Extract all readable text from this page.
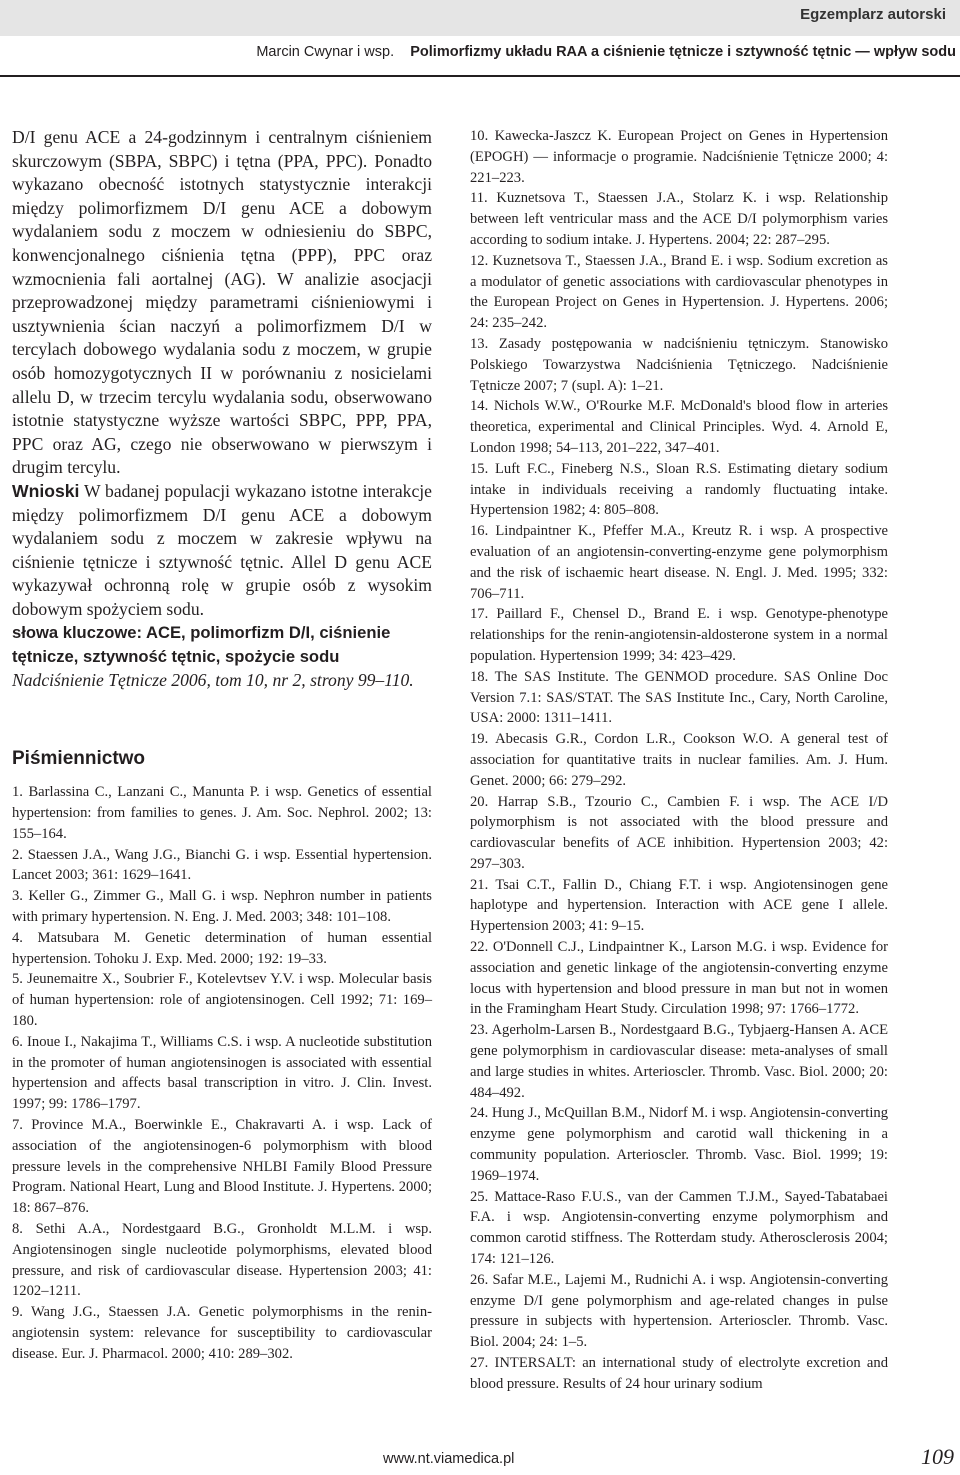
Egzemplarz autorski
Marcin Cwynar i wsp. Polimorfizmy układu RAA a ciśnienie tętnicze i sztywność tętnic — wpływ sodu

D/I genu ACE a 24-godzinnym i centralnym ciśnieniem skurczowym (SBPA, SBPC) i tętna (PPA, PPC). Ponadto wykazano obecność istotnych statystycznie interakcji między polimorfizmem D/I genu ACE a dobowym wydalaniem sodu z moczem w odniesieniu do SBPC, konwencjonalnego ciśnienia tętna (PPP), PPC oraz wzmocnienia fali aortalnej (AG). W analizie asocjacji przeprowadzonej między parametrami ciśnieniowymi i usztywnienia ścian naczyń a polimorfizmem D/I w tercylach dobowego wydalania sodu z moczem, w grupie osób homozygotycznych II w porównaniu z nosicielami allelu D, w trzecim tercylu wydalania sodu, obserwowano istotnie statystyczne wyższe wartości SBPC, PPP, PPA, PPC oraz AG, czego nie obserwowano w pierwszym i drugim tercylu.

Wnioski W badanej populacji wykazano istotne interakcje między polimorfizmem D/I genu ACE a dobowym wydalaniem sodu z moczem w zakresie wpływu na ciśnienie tętnicze i sztywność tętnic. Allel D genu ACE wykazywał ochronną rolę w grupie osób z wysokim dobowym spożyciem sodu.

słowa kluczowe: ACE, polimorfizm D/I, ciśnienie tętnicze, sztywność tętnic, spożycie sodu

Nadciśnienie Tętnicze 2006, tom 10, nr 2, strony 99–110.

Piśmiennictwo

1. Barlassina C., Lanzani C., Manunta P. i wsp. Genetics of essential hypertension: from families to genes. J. Am. Soc. Nephrol. 2002; 13: 155–164.

2. Staessen J.A., Wang J.G., Bianchi G. i wsp. Essential hypertension. Lancet 2003; 361: 1629–1641.

3. Keller G., Zimmer G., Mall G. i wsp. Nephron number in patients with primary hypertension. N. Eng. J. Med. 2003; 348: 101–108.

4. Matsubara M. Genetic determination of human essential hypertension. Tohoku J. Exp. Med. 2000; 192: 19–33.

5. Jeunemaitre X., Soubrier F., Kotelevtsev Y.V. i wsp. Molecular basis of human hypertension: role of angiotensinogen. Cell 1992; 71: 169–180.

6. Inoue I., Nakajima T., Williams C.S. i wsp. A nucleotide substitution in the promoter of human angiotensinogen is associated with essential hypertension and affects basal transcription in vitro. J. Clin. Invest. 1997; 99: 1786–1797.

7. Province M.A., Boerwinkle E., Chakravarti A. i wsp. Lack of association of the angiotensinogen-6 polymorphism with blood pressure levels in the comprehensive NHLBI Family Blood Pressure Program. National Heart, Lung and Blood Institute. J. Hypertens. 2000; 18: 867–876.

8. Sethi A.A., Nordestgaard B.G., Gronholdt M.L.M. i wsp. Angiotensinogen single nucleotide polymorphisms, elevated blood pressure, and risk of cardiovascular disease. Hypertension 2003; 41: 1202–1211.

9. Wang J.G., Staessen J.A. Genetic polymorphisms in the renin-angiotensin system: relevance for susceptibility to cardiovascular disease. Eur. J. Pharmacol. 2000; 410: 289–302.

10. Kawecka-Jaszcz K. European Project on Genes in Hypertension (EPOGH) — informacje o programie. Nadciśnienie Tętnicze 2000; 4: 221–223.

11. Kuznetsova T., Staessen J.A., Stolarz K. i wsp. Relationship between left ventricular mass and the ACE D/I polymorphism varies according to sodium intake. J. Hypertens. 2004; 22: 287–295.

12. Kuznetsova T., Staessen J.A., Brand E. i wsp. Sodium excretion as a modulator of genetic associations with cardiovascular phenotypes in the European Project on Genes in Hypertension. J. Hypertens. 2006; 24: 235–242.

13. Zasady postępowania w nadciśnieniu tętniczym. Stanowisko Polskiego Towarzystwa Nadciśnienia Tętniczego. Nadciśnienie Tętnicze 2007; 7 (supl. A): 1–21.

14. Nichols W.W., O'Rourke M.F. McDonald's blood flow in arteries theoretica, experimental and Clinical Principles. Wyd. 4. Arnold E, London 1998; 54–113, 201–222, 347–401.

15. Luft F.C., Fineberg N.S., Sloan R.S. Estimating dietary sodium intake in individuals receiving a randomly fluctuating intake. Hypertension 1982; 4: 805–808.

16. Lindpaintner K., Pfeffer M.A., Kreutz R. i wsp. A prospective evaluation of an angiotensin-converting-enzyme gene polymorphism and the risk of ischaemic heart disease. N. Engl. J. Med. 1995; 332: 706–711.

17. Paillard F., Chensel D., Brand E. i wsp. Genotype-phenotype relationships for the renin-angiotensin-aldosterone system in a normal population. Hypertension 1999; 34: 423–429.

18. The SAS Institute. The GENMOD procedure. SAS Online Doc Version 7.1: SAS/STAT. The SAS Institute Inc., Cary, North Caroline, USA: 2000: 1311–1411.

19. Abecasis G.R., Cordon L.R., Cookson W.O. A general test of association for quantitative traits in nuclear families. Am. J. Hum. Genet. 2000; 66: 279–292.

20. Harrap S.B., Tzourio C., Cambien F. i wsp. The ACE I/D polymorphism is not associated with the blood pressure and cardiovascular benefits of ACE inhibition. Hypertension 2003; 42: 297–303.

21. Tsai C.T., Fallin D., Chiang F.T. i wsp. Angiotensinogen gene haplotype and hypertension. Interaction with ACE gene I allele. Hypertension 2003; 41: 9–15.

22. O'Donnell C.J., Lindpaintner K., Larson M.G. i wsp. Evidence for association and genetic linkage of the angiotensin-converting enzyme locus with hypertension and blood pressure in man but not in women in the Framingham Heart Study. Circulation 1998; 97: 1766–1772.

23. Agerholm-Larsen B., Nordestgaard B.G., Tybjaerg-Hansen A. ACE gene polymorphism in cardiovascular disease: meta-analyses of small and large studies in whites. Arterioscler. Thromb. Vasc. Biol. 2000; 20: 484–492.

24. Hung J., McQuillan B.M., Nidorf M. i wsp. Angiotensin-converting enzyme gene polymorphism and carotid wall thickening in a community population. Arterioscler. Thromb. Vasc. Biol. 1999; 19: 1969–1974.

25. Mattace-Raso F.U.S., van der Cammen T.J.M., Sayed-Tabatabaei F.A. i wsp. Angiotensin-converting enzyme polymorphism and common carotid stiffness. The Rotterdam study. Atherosclerosis 2004; 174: 121–126.

26. Safar M.E., Lajemi M., Rudnichi A. i wsp. Angiotensin-converting enzyme D/I gene polymorphism and age-related changes in pulse pressure in subjects with hypertension. Arterioscler. Thromb. Vasc. Biol. 2004; 24: 1–5.

27. INTERSALT: an international study of electrolyte excretion and blood pressure. Results of 24 hour urinary sodium

www.nt.viamedica.pl	109
